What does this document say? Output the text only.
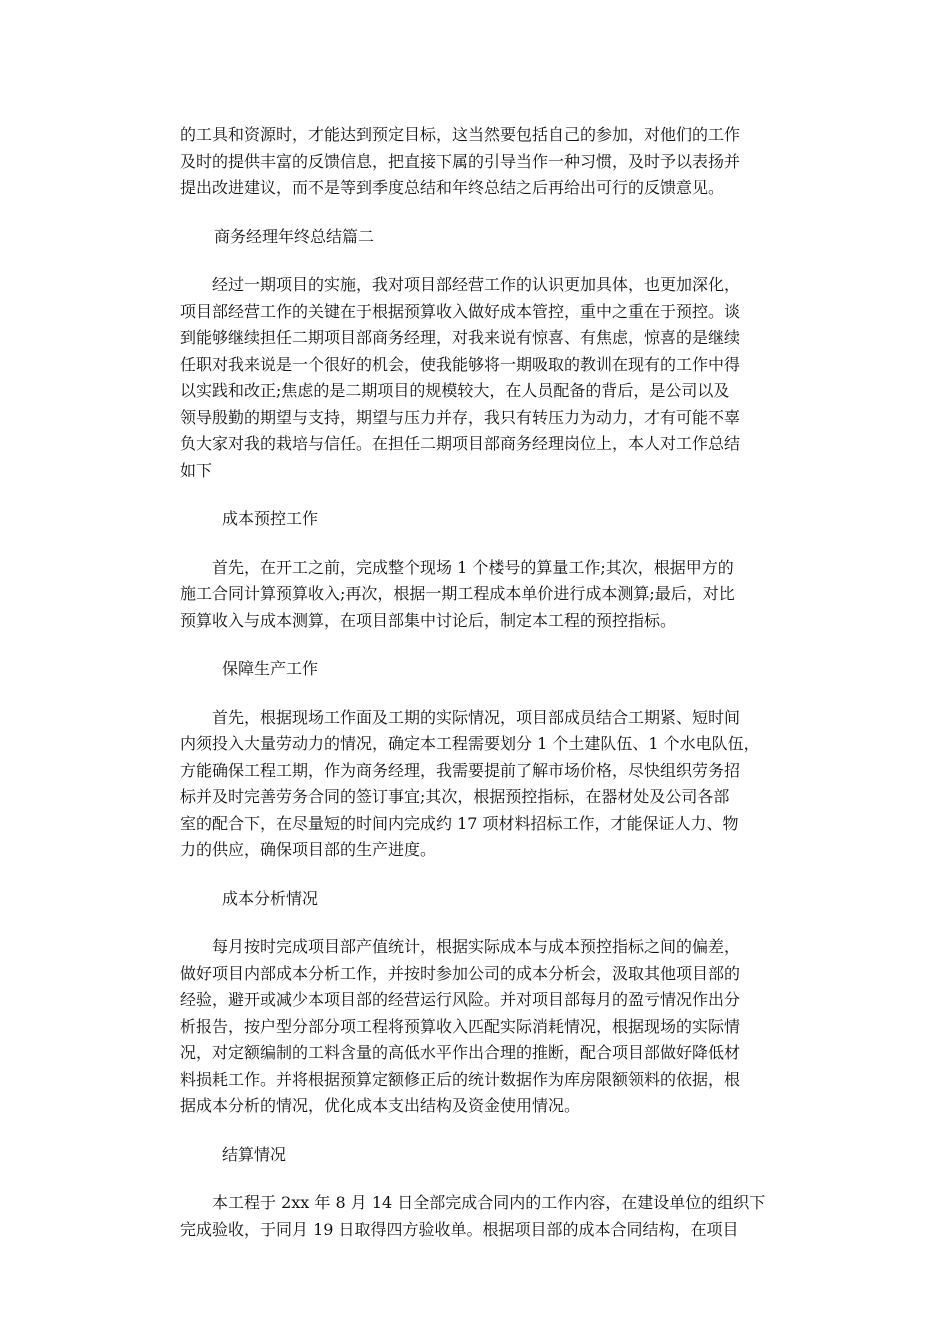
的工具和资源时，才能达到预定目标，这当然要包括自己的参加，对他们的工作
及时的提供丰富的反馈信息，把直接下属的引导当作一种习惯，及时予以表扬并
提出改进建议，而不是等到季度总结和年终总结之后再给出可行的反馈意见。
商务经理年终总结篇二
经过一期项目的实施，我对项目部经营工作的认识更加具体，也更加深化，
项目部经营工作的关键在于根据预算收入做好成本管控，重中之重在于预控。谈
到能够继续担任二期项目部商务经理，对我来说有惊喜、有焦虑，惊喜的是继续
任职对我来说是一个很好的机会，使我能够将一期吸取的教训在现有的工作中得
以实践和改正;焦虑的是二期项目的规模较大，在人员配备的背后，是公司以及
领导殷勤的期望与支持，期望与压力并存，我只有转压力为动力，才有可能不辜
负大家对我的栽培与信任。在担任二期项目部商务经理岗位上，本人对工作总结
如下
成本预控工作
首先，在开工之前，完成整个现场 1 个楼号的算量工作;其次，根据甲方的
施工合同计算预算收入;再次，根据一期工程成本单价进行成本测算;最后，对比
预算收入与成本测算，在项目部集中讨论后，制定本工程的预控指标。
保障生产工作
首先，根据现场工作面及工期的实际情况，项目部成员结合工期紧、短时间
内须投入大量劳动力的情况，确定本工程需要划分 1 个土建队伍、1 个水电队伍，
方能确保工程工期，作为商务经理，我需要提前了解市场价格，尽快组织劳务招
标并及时完善劳务合同的签订事宜;其次，根据预控指标，在器材处及公司各部
室的配合下，在尽量短的时间内完成约 17 项材料招标工作，才能保证人力、物
力的供应，确保项目部的生产进度。
成本分析情况
每月按时完成项目部产值统计，根据实际成本与成本预控指标之间的偏差，
做好项目内部成本分析工作，并按时参加公司的成本分析会，汲取其他项目部的
经验，避开或减少本项目部的经营运行风险。并对项目部每月的盈亏情况作出分
析报告，按户型分部分项工程将预算收入匹配实际消耗情况，根据现场的实际情
况，对定额编制的工料含量的高低水平作出合理的推断，配合项目部做好降低材
料损耗工作。并将根据预算定额修正后的统计数据作为库房限额领料的依据，根
据成本分析的情况，优化成本支出结构及资金使用情况。
结算情况
本工程于 2xx 年 8 月 14 日全部完成合同内的工作内容，在建设单位的组织下
完成验收，于同月 19 日取得四方验收单。根据项目部的成本合同结构，在项目
